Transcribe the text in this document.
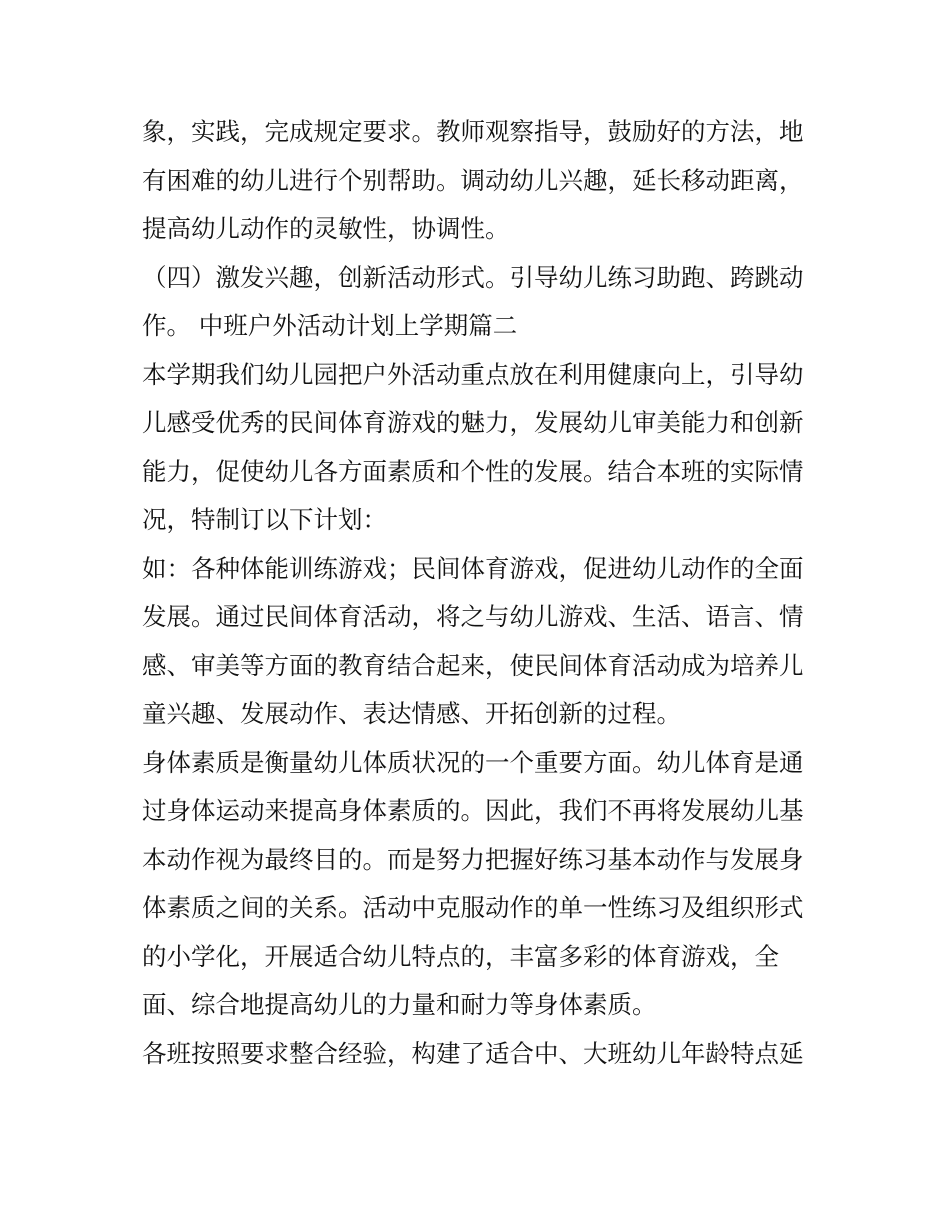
象，实践，完成规定要求。教师观察指导，鼓励好的方法，地
有困难的幼儿进行个别帮助。调动幼儿兴趣，延长移动距离，
提高幼儿动作的灵敏性，协调性。
（四）激发兴趣，创新活动形式。引导幼儿练习助跑、跨跳动
作。 中班户外活动计划上学期篇二
本学期我们幼儿园把户外活动重点放在利用健康向上，引导幼
儿感受优秀的民间体育游戏的魅力，发展幼儿审美能力和创新
能力，促使幼儿各方面素质和个性的发展。结合本班的实际情
况，特制订以下计划：
如：各种体能训练游戏；民间体育游戏，促进幼儿动作的全面
发展。通过民间体育活动，将之与幼儿游戏、生活、语言、情
感、审美等方面的教育结合起来，使民间体育活动成为培养儿
童兴趣、发展动作、表达情感、开拓创新的过程。
身体素质是衡量幼儿体质状况的一个重要方面。幼儿体育是通
过身体运动来提高身体素质的。因此，我们不再将发展幼儿基
本动作视为最终目的。而是努力把握好练习基本动作与发展身
体素质之间的关系。活动中克服动作的单一性练习及组织形式
的小学化，开展适合幼儿特点的，丰富多彩的体育游戏，全
面、综合地提高幼儿的力量和耐力等身体素质。
各班按照要求整合经验，构建了适合中、大班幼儿年龄特点延
